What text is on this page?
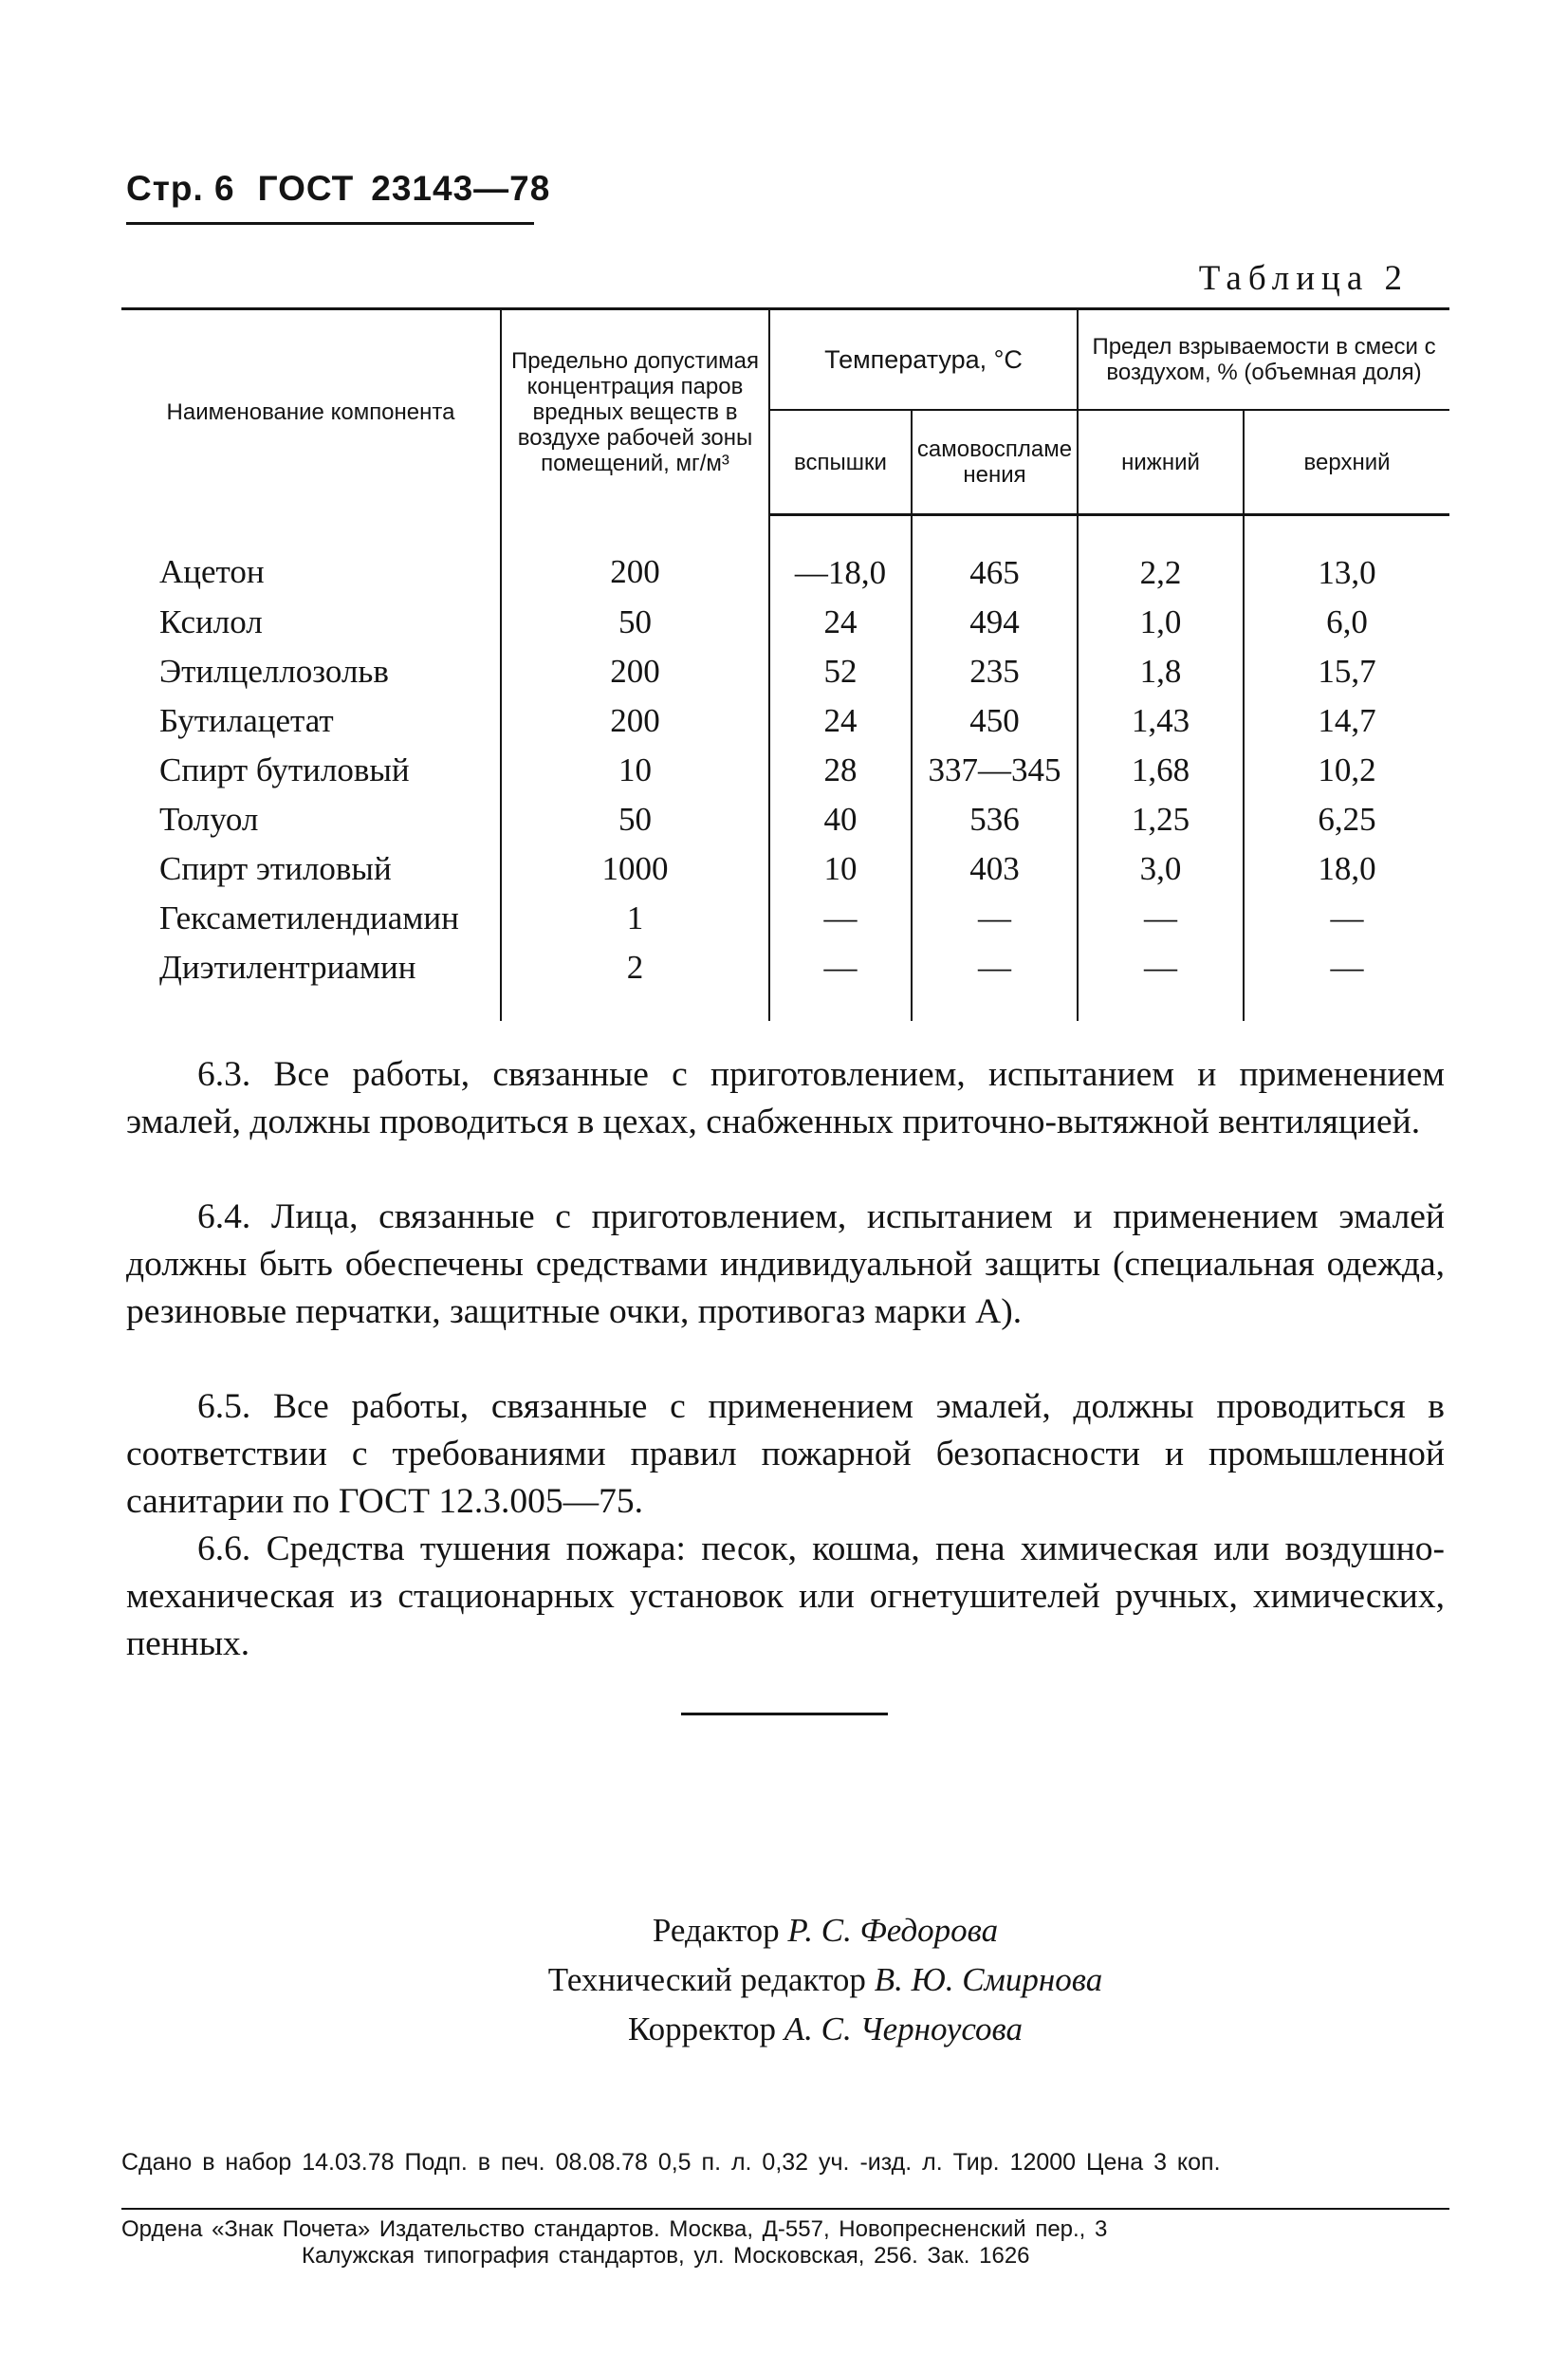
Стр. 6 ГОСТ 23143—78
Таблица 2
Наименование компонента	Предельно допустимая концентрация паров вредных веществ в воздухе рабочей зоны помещений, мг/м³	Температура, °С		Предел взрываемости в смеси с воздухом, % (объемная доля)	
		вспышки	самовоспламенения	нижний	верхний
Ацетон	200	—18,0	465	2,2	13,0
Ксилол	50	24	494	1,0	6,0
Этилцеллозольв	200	52	235	1,8	15,7
Бутилацетат	200	24	450	1,43	14,7
Спирт бутиловый	10	28	337—345	1,68	10,2
Толуол	50	40	536	1,25	6,25
Спирт этиловый	1000	10	403	3,0	18,0
Гексаметилендиамин	1	—	—	—	—
Диэтилентриамин	2	—	—	—	—
6.3. Все работы, связанные с приготовлением, испытанием и применением эмалей, должны проводиться в цехах, снабженных приточно-вытяжной вентиляцией.
6.4. Лица, связанные с приготовлением, испытанием и применением эмалей должны быть обеспечены средствами индивидуальной защиты (специальная одежда, резиновые перчатки, защитные очки, противогаз марки А).
6.5. Все работы, связанные с применением эмалей, должны проводиться в соответствии с требованиями правил пожарной безопасности и промышленной санитарии по ГОСТ 12.3.005—75.
6.6. Средства тушения пожара: песок, кошма, пена химическая или воздушно-механическая из стационарных установок или огнетушителей ручных, химических, пенных.
Редактор Р. С. Федорова
Технический редактор В. Ю. Смирнова
Корректор А. С. Черноусова
Сдано в набор 14.03.78 Подп. в печ. 08.08.78 0,5 п. л. 0,32 уч. -изд. л. Тир. 12000 Цена 3 коп.
Ордена «Знак Почета» Издательство стандартов. Москва, Д-557, Новопресненский пер., 3
Калужская типография стандартов, ул. Московская, 256. Зак. 1626
